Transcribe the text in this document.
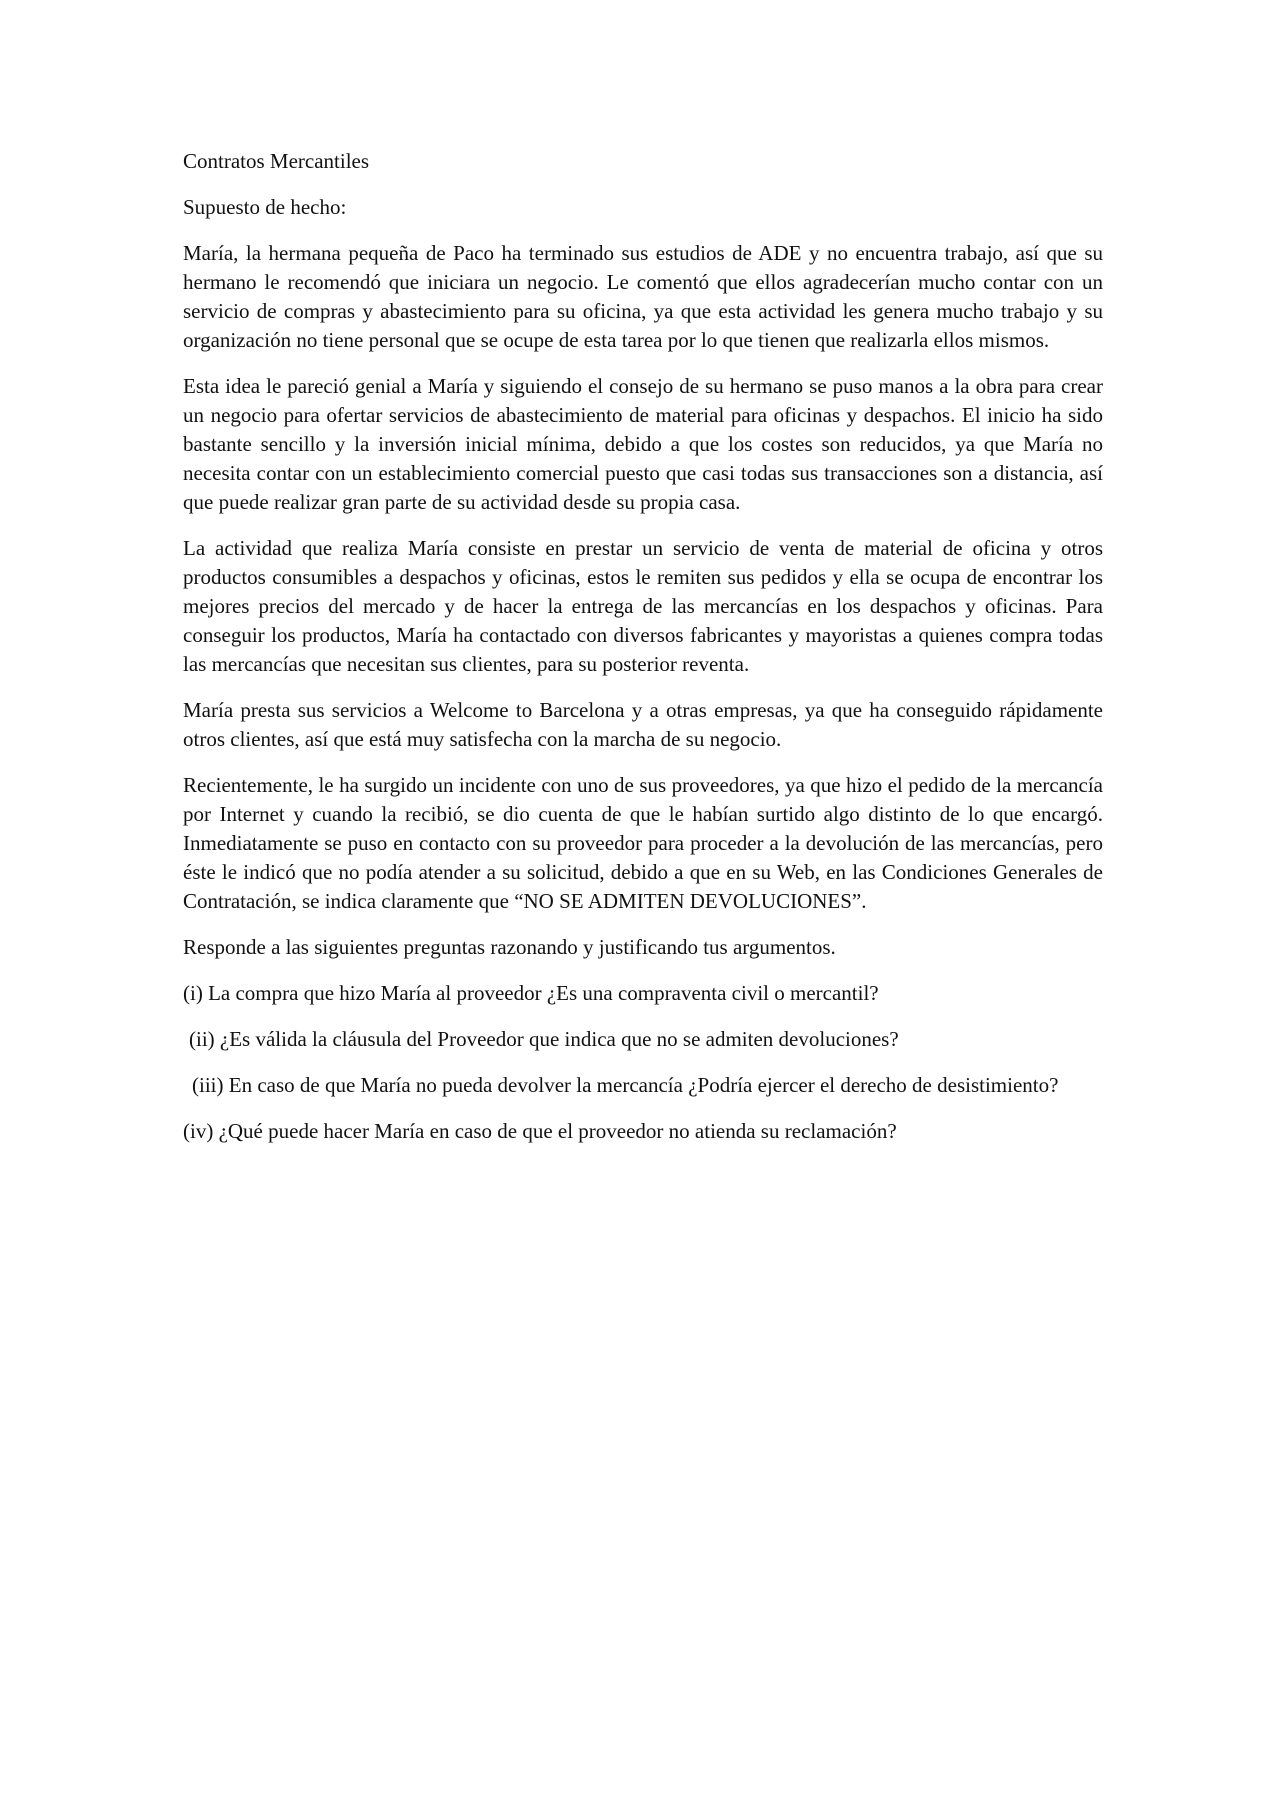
Contratos Mercantiles

Supuesto de hecho:

María, la hermana pequeña de Paco ha terminado sus estudios de ADE y no encuentra trabajo, así que su hermano le recomendó que iniciara un negocio. Le comentó que ellos agradecerían mucho contar con un servicio de compras y abastecimiento para su oficina, ya que esta actividad les genera mucho trabajo y su organización no tiene personal que se ocupe de esta tarea por lo que tienen que realizarla ellos mismos.

Esta idea le pareció genial a María y siguiendo el consejo de su hermano se puso manos a la obra para crear un negocio para ofertar servicios de abastecimiento de material para oficinas y despachos. El inicio ha sido bastante sencillo y la inversión inicial mínima, debido a que los costes son reducidos, ya que María no necesita contar con un establecimiento comercial puesto que casi todas sus transacciones son a distancia, así que puede realizar gran parte de su actividad desde su propia casa.

La actividad que realiza María consiste en prestar un servicio de venta de material de oficina y otros productos consumibles a despachos y oficinas, estos le remiten sus pedidos y ella se ocupa de encontrar los mejores precios del mercado y de hacer la entrega de las mercancías en los despachos y oficinas. Para conseguir los productos, María ha contactado con diversos fabricantes y mayoristas a quienes compra todas las mercancías que necesitan sus clientes, para su posterior reventa.

María presta sus servicios a Welcome to Barcelona y a otras empresas, ya que ha conseguido rápidamente otros clientes, así que está muy satisfecha con la marcha de su negocio.

Recientemente, le ha surgido un incidente con uno de sus proveedores, ya que hizo el pedido de la mercancía por Internet y cuando la recibió, se dio cuenta de que le habían surtido algo distinto de lo que encargó. Inmediatamente se puso en contacto con su proveedor para proceder a la devolución de las mercancías, pero éste le indicó que no podía atender a su solicitud, debido a que en su Web, en las Condiciones Generales de Contratación, se indica claramente que “NO SE ADMITEN DEVOLUCIONES”.

Responde a las siguientes preguntas razonando y justificando tus argumentos.

(i) La compra que hizo María al proveedor ¿Es una compraventa civil o mercantil?

(ii) ¿Es válida la cláusula del Proveedor que indica que no se admiten devoluciones?

(iii) En caso de que María no pueda devolver la mercancía ¿Podría ejercer el derecho de desistimiento?

(iv) ¿Qué puede hacer María en caso de que el proveedor no atienda su reclamación?
